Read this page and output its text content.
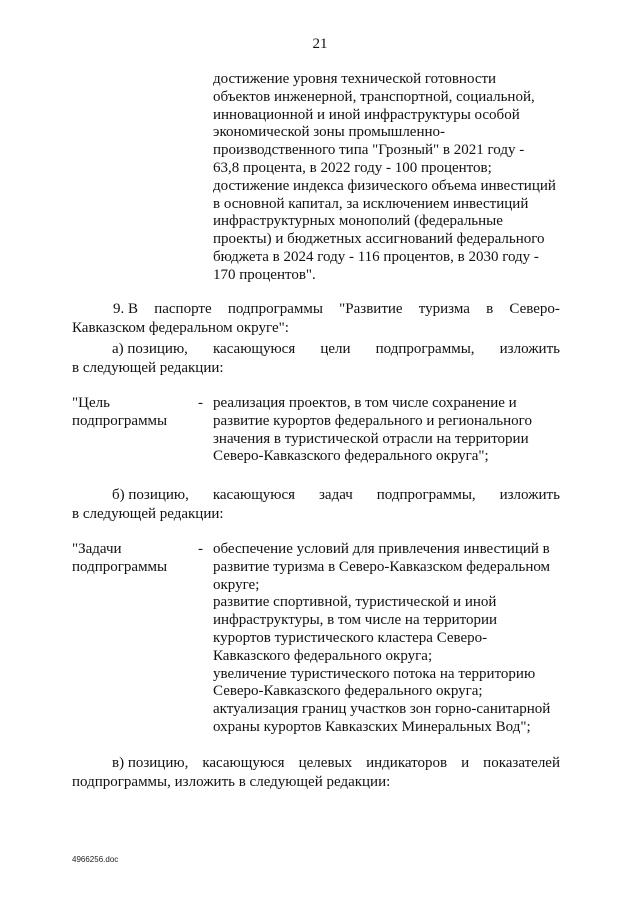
21
достижение уровня технической готовности
объектов инженерной, транспортной, социальной,
инновационной и иной инфраструктуры особой
экономической зоны промышленно-
производственного типа "Грозный" в 2021 году -
63,8 процента, в 2022 году - 100 процентов;
достижение индекса физического объема инвестиций
в основной капитал, за исключением инвестиций
инфраструктурных монополий (федеральные
проекты) и бюджетных ассигнований федерального
бюджета в 2024 году - 116 процентов, в 2030 году -
170 процентов".
9. В паспорте подпрограммы "Развитие туризма в Северо-
Кавказском федеральном округе":
а) позицию, касающуюся цели подпрограммы, изложить
в следующей редакции:
"Цель
подпрограммы
- реализация проектов, в том числе сохранение и
развитие курортов федерального и регионального
значения в туристической отрасли на территории
Северо-Кавказского федерального округа";
б) позицию, касающуюся задач подпрограммы, изложить
в следующей редакции:
"Задачи
подпрограммы
- обеспечение условий для привлечения инвестиций в
развитие туризма в Северо-Кавказском федеральном
округе;
развитие спортивной, туристической и иной
инфраструктуры, в том числе на территории
курортов туристического кластера Северо-
Кавказского федерального округа;
увеличение туристического потока на территорию
Северо-Кавказского федерального округа;
актуализация границ участков зон горно-санитарной
охраны курортов Кавказских Минеральных Вод";
в) позицию, касающуюся целевых индикаторов и показателей
подпрограммы, изложить в следующей редакции:
4966256.doc
